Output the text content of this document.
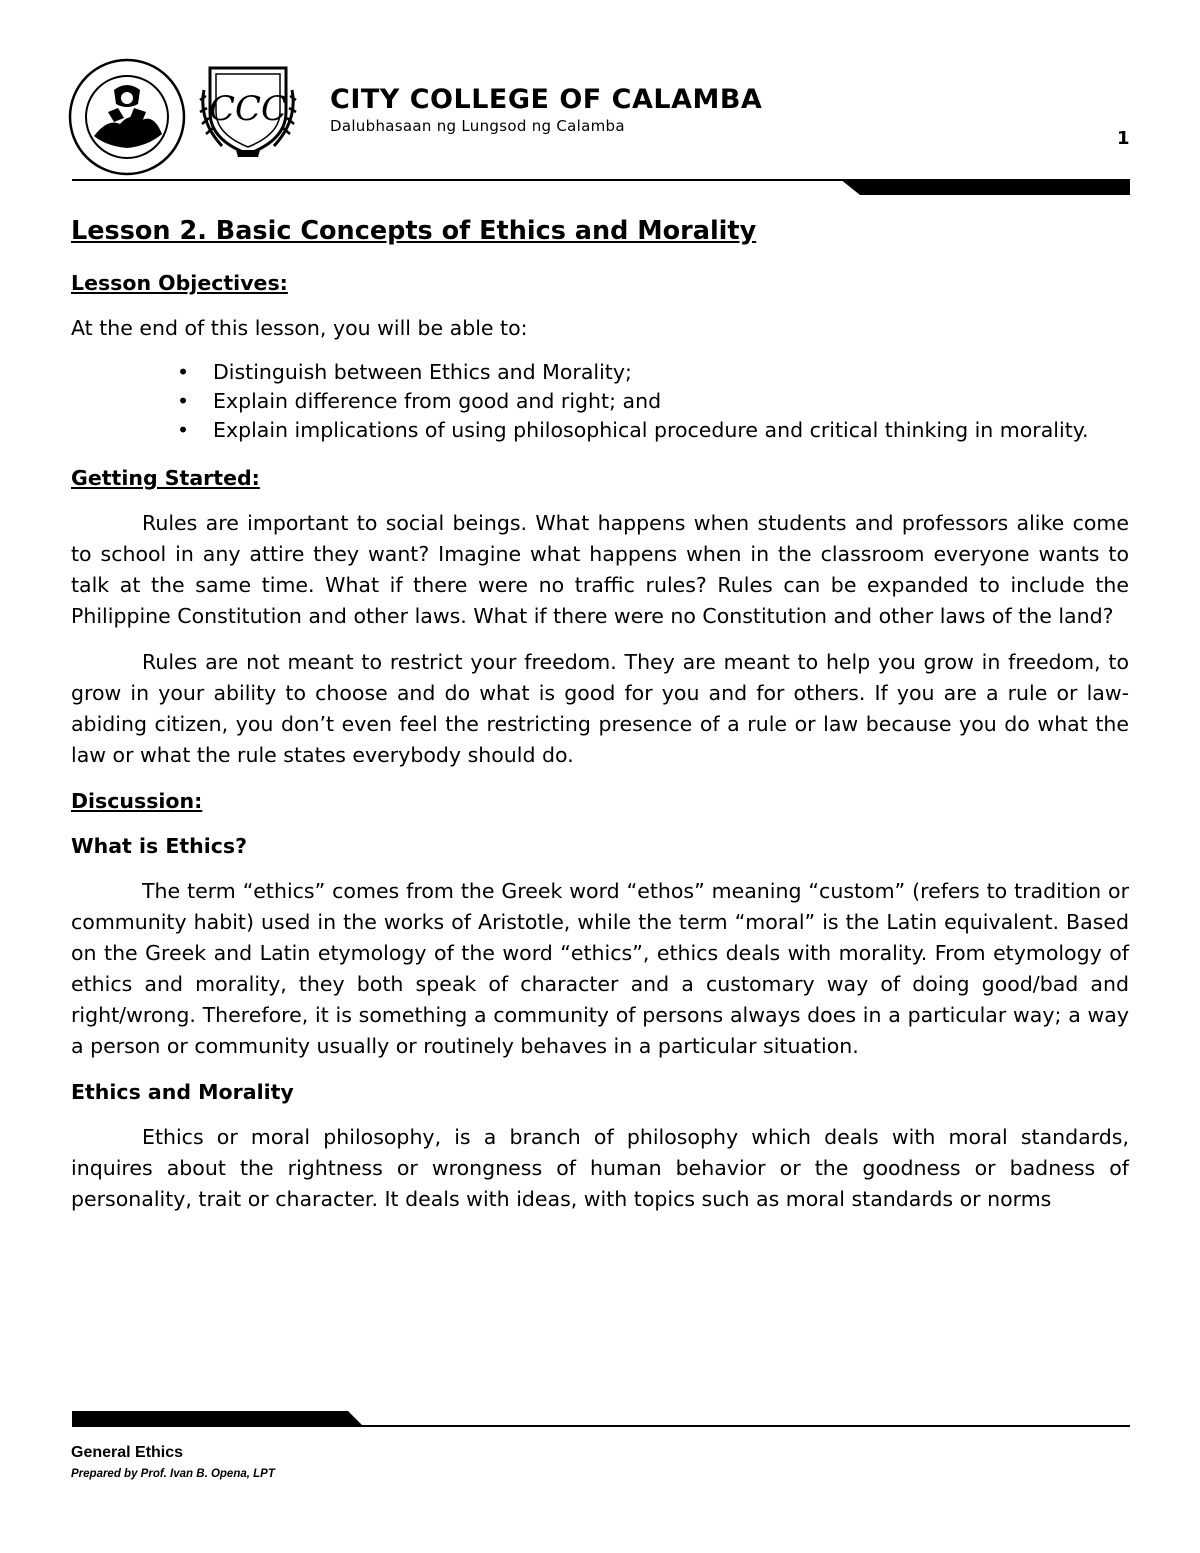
CCC CITY COLLEGE OF CALAMBA
Dalubhasaan ng Lungsod ng Calamba
1
Lesson 2. Basic Concepts of Ethics and Morality
Lesson Objectives:
At the end of this lesson, you will be able to:
• Distinguish between Ethics and Morality;
• Explain difference from good and right; and
• Explain implications of using philosophical procedure and critical thinking in morality.
Getting Started:

Rules are important to social beings. What happens when students and professors alike come to school in any attire they want? Imagine what happens when in the classroom everyone wants to talk at the same time. What if there were no traffic rules? Rules can be expanded to include the Philippine Constitution and other laws. What if there were no Constitution and other laws of the land?

Rules are not meant to restrict your freedom. They are meant to help you grow in freedom, to grow in your ability to choose and do what is good for you and for others. If you are a rule or law-abiding citizen, you don’t even feel the restricting presence of a rule or law because you do what the law or what the rule states everybody should do.

Discussion:
What is Ethics?

The term “ethics” comes from the Greek word “ethos” meaning “custom” (refers to tradition or community habit) used in the works of Aristotle, while the term “moral” is the Latin equivalent. Based on the Greek and Latin etymology of the word “ethics”, ethics deals with morality. From etymology of ethics and morality, they both speak of character and a customary way of doing good/bad and right/wrong. Therefore, it is something a community of persons always does in a particular way; a way a person or community usually or routinely behaves in a particular situation.

Ethics and Morality

Ethics or moral philosophy, is a branch of philosophy which deals with moral standards, inquires about the rightness or wrongness of human behavior or the goodness or badness of personality, trait or character. It deals with ideas, with topics such as moral standards or norms

General Ethics
Prepared by Prof. Ivan B. Opena, LPT
